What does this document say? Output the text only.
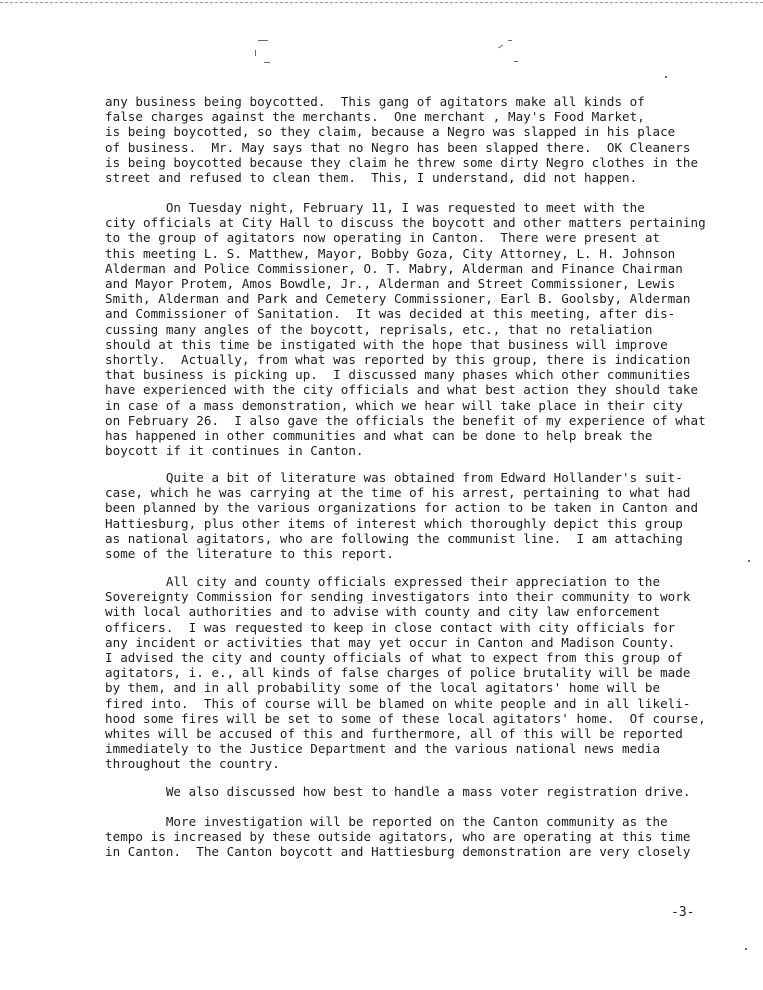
any business being boycotted.  This gang of agitators make all kinds of
false charges against the merchants.  One merchant , May's Food Market,
is being boycotted, so they claim, because a Negro was slapped in his place
of business.  Mr. May says that no Negro has been slapped there.  OK Cleaners
is being boycotted because they claim he threw some dirty Negro clothes in the
street and refused to clean them.  This, I understand, did not happen.
On Tuesday night, February 11, I was requested to meet with the
city officials at City Hall to discuss the boycott and other matters pertaining
to the group of agitators now operating in Canton.  There were present at
this meeting L. S. Matthew, Mayor, Bobby Goza, City Attorney, L. H. Johnson
Alderman and Police Commissioner, O. T. Mabry, Alderman and Finance Chairman
and Mayor Protem, Amos Bowdle, Jr., Alderman and Street Commissioner, Lewis
Smith, Alderman and Park and Cemetery Commissioner, Earl B. Goolsby, Alderman
and Commissioner of Sanitation.  It was decided at this meeting, after dis-
cussing many angles of the boycott, reprisals, etc., that no retaliation
should at this time be instigated with the hope that business will improve
shortly.  Actually, from what was reported by this group, there is indication
that business is picking up.  I discussed many phases which other communities
have experienced with the city officials and what best action they should take
in case of a mass demonstration, which we hear will take place in their city
on February 26.  I also gave the officials the benefit of my experience of what
has happened in other communities and what can be done to help break the
boycott if it continues in Canton.
Quite a bit of literature was obtained from Edward Hollander's suit-
case, which he was carrying at the time of his arrest, pertaining to what had
been planned by the various organizations for action to be taken in Canton and
Hattiesburg, plus other items of interest which thoroughly depict this group
as national agitators, who are following the communist line.  I am attaching
some of the literature to this report.
All city and county officials expressed their appreciation to the
Sovereignty Commission for sending investigators into their community to work
with local authorities and to advise with county and city law enforcement
officers.  I was requested to keep in close contact with city officials for
any incident or activities that may yet occur in Canton and Madison County.
I advised the city and county officials of what to expect from this group of
agitators, i. e., all kinds of false charges of police brutality will be made
by them, and in all probability some of the local agitators' home will be
fired into.  This of course will be blamed on white people and in all likeli-
hood some fires will be set to some of these local agitators' home.  Of course,
whites will be accused of this and furthermore, all of this will be reported
immediately to the Justice Department and the various national news media
throughout the country.
We also discussed how best to handle a mass voter registration drive.
More investigation will be reported on the Canton community as the
tempo is increased by these outside agitators, who are operating at this time
in Canton.  The Canton boycott and Hattiesburg demonstration are very closely
-3-
